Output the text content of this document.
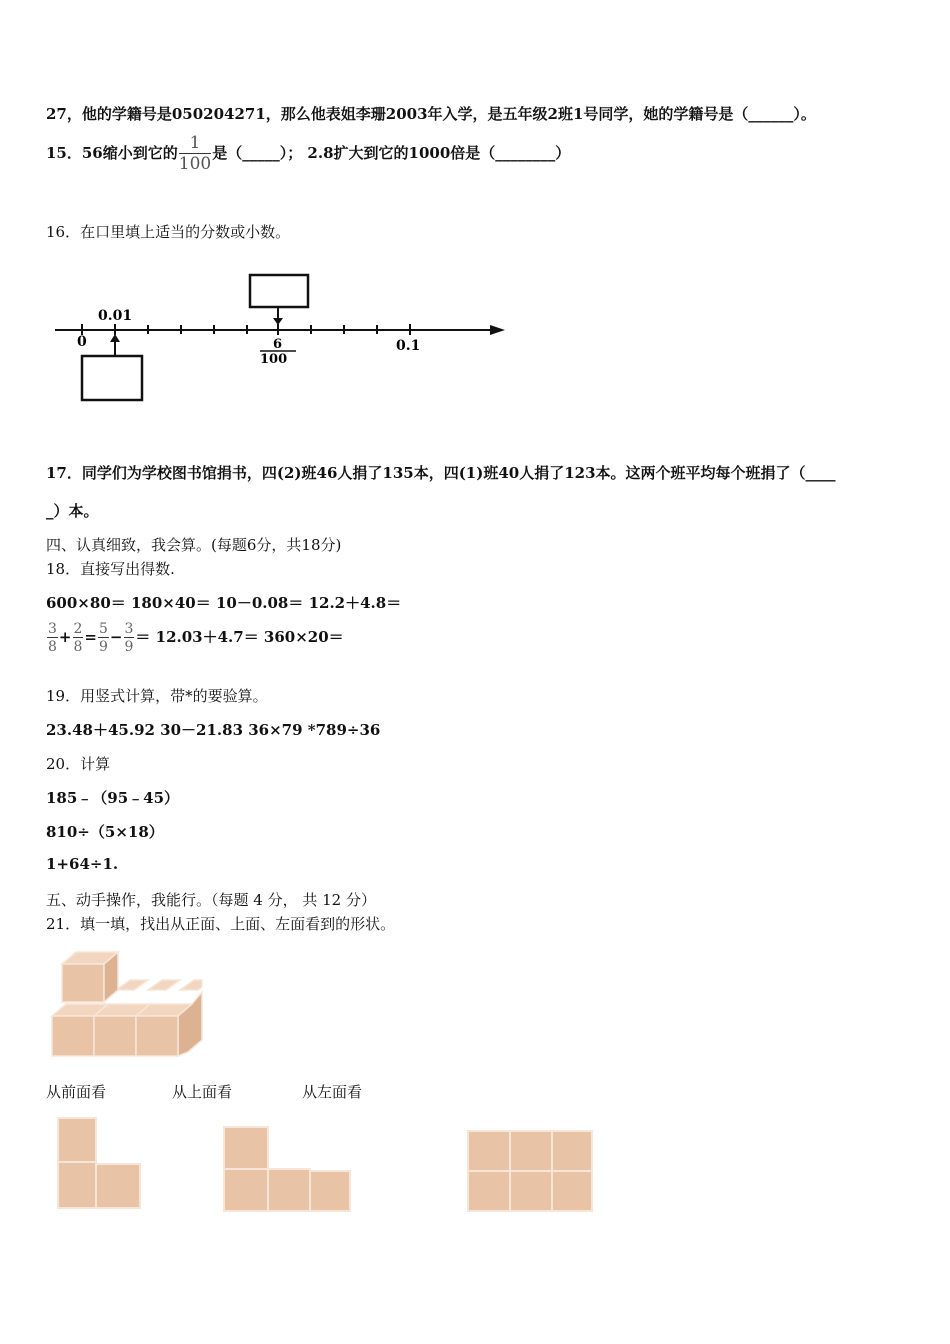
27，他的学籍号是050204271，那么他表姐李珊2003年入学，是五年级2班1号同学，她的学籍号是（______）。
15．56缩小到它的 $\frac{1}{100}$ 是（_____）； 2.8扩大到它的1000倍是（________）
16．在口里填上适当的分数或小数。
0.01
0	6
100
0.1
17．同学们为学校图书馆捐书，四(2)班46人捐了135本，四(1)班40人捐了123本。这两个班平均每个班捐了（____
_）本。
四、认真细致，我会算。(每题6分，共18分)
18．直接写出得数.
600×80＝ 180×40＝ 10－0.08＝ 12.2＋4.8＝
$\frac{3}{8} + \frac{2}{8} = \frac{5}{9} - \frac{3}{9} = 12.03+4.7= 360\times 20=$
19．用竖式计算，带*的要验算。
23.48＋45.92 30－21.83 36×79 *789÷36
20．计算
185﹣（95﹣45）
810÷（5×18）
1+64÷1.
五、动手操作，我能行。（每题 4 分， 共 12 分）
21．填一填，找出从正面、上面、左面看到的形状。
从前面看	从上面看	从左面看
